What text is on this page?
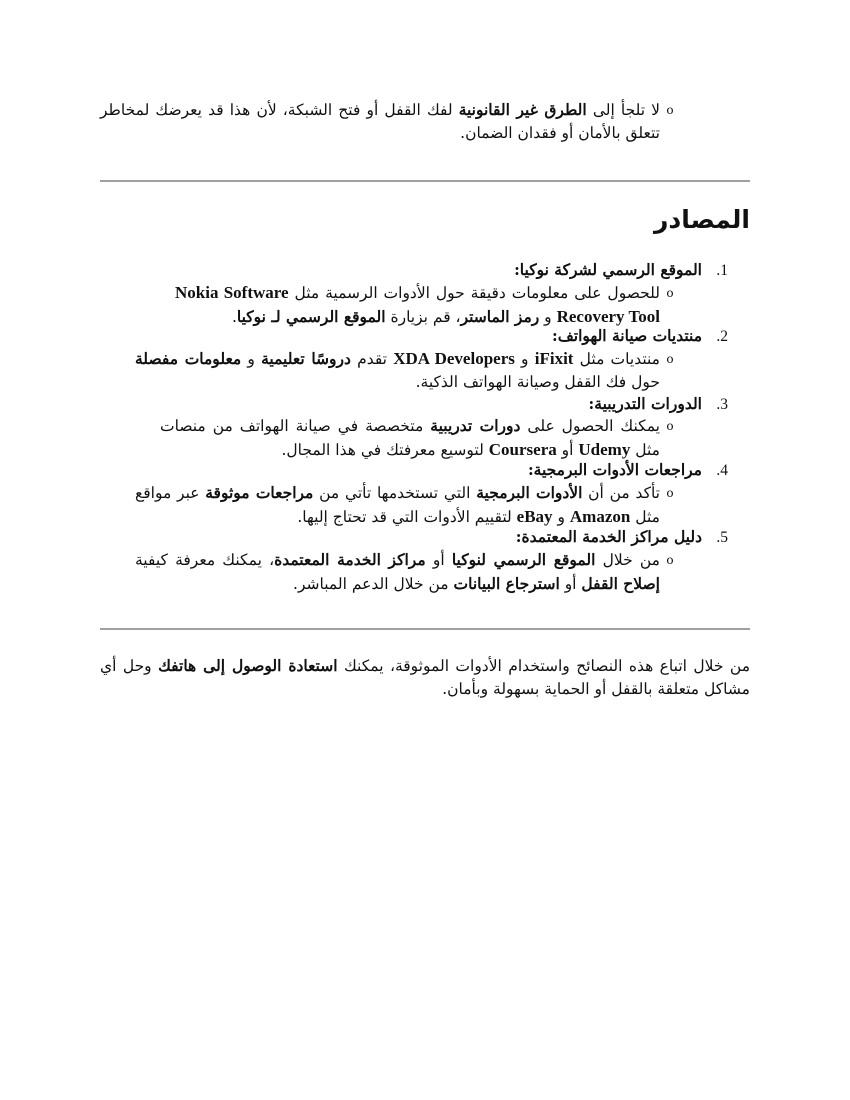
o
لا تلجأ إلى الطرق غير القانونية لفك القفل أو فتح الشبكة، لأن هذا قد يعرضك لمخاطر تتعلق بالأمان أو فقدان الضمان.
المصادر
1.
الموقع الرسمي لشركة نوكيا:
o
للحصول على معلومات دقيقة حول الأدوات الرسمية مثل Nokia Software Recovery Tool و رمز الماستر، قم بزيارة الموقع الرسمي لـ نوكيا.
2.
منتديات صيانة الهواتف:
o
منتديات مثل iFixit و XDA Developers تقدم دروسًا تعليمية و معلومات مفصلة حول فك القفل وصيانة الهواتف الذكية.
3.
الدورات التدريبية:
o
يمكنك الحصول على دورات تدريبية متخصصة في صيانة الهواتف من منصات مثل Udemy أو Coursera لتوسيع معرفتك في هذا المجال.
4.
مراجعات الأدوات البرمجية:
o
تأكد من أن الأدوات البرمجية التي تستخدمها تأتي من مراجعات موثوقة عبر مواقع مثل Amazon و eBay لتقييم الأدوات التي قد تحتاج إليها.
5.
دليل مراكز الخدمة المعتمدة:
o
من خلال الموقع الرسمي لنوكيا أو مراكز الخدمة المعتمدة، يمكنك معرفة كيفية إصلاح القفل أو استرجاع البيانات من خلال الدعم المباشر.
من خلال اتباع هذه النصائح واستخدام الأدوات الموثوقة، يمكنك استعادة الوصول إلى هاتفك وحل أي مشاكل متعلقة بالقفل أو الحماية بسهولة وبأمان.
